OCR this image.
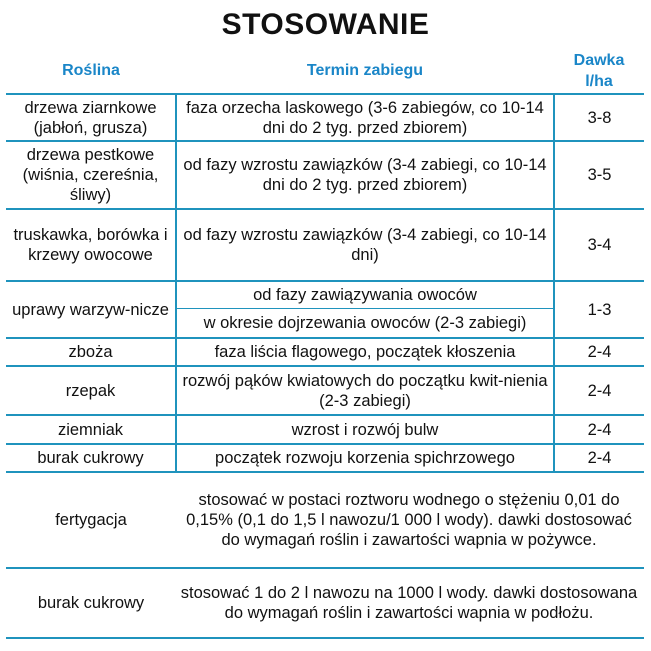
STOSOWANIE
Roślina	Termin zabiegu	Dawka
l/ha

drzewa ziarnkowe (jabłoń, grusza)	faza orzecha laskowego (3-6 zabiegów, co 10-14 dni do 2 tyg. przed zbiorem)	3-8
drzewa pestkowe (wiśnia, czereśnia, śliwy)	od fazy wzrostu zawiązków (3-4 zabiegi, co 10-14 dni do 2 tyg. przed zbiorem)	3-5
truskawka, borówka i krzewy owocowe	od fazy wzrostu zawiązków (3-4 zabiegi, co 10-14 dni)	3-4
uprawy warzyw-nicze	od fazy zawiązywania owoców	1-3
	w okresie dojrzewania owoców (2-3 zabiegi)	
zboża	faza liścia flagowego, początek kłoszenia	2-4
rzepak	rozwój pąków kwiatowych do początku kwit-nienia (2-3 zabiegi)	2-4
ziemniak	wzrost i rozwój bulw	2-4
burak cukrowy	początek rozwoju korzenia spichrzowego	2-4
fertygacja	stosować w postaci roztworu wodnego o stężeniu 0,01 do 0,15% (0,1 do 1,5 l nawozu/1 000 l wody). dawki dostosować do wymagań roślin i zawartości wapnia w pożywce.	
burak cukrowy	stosować 1 do 2 l nawozu na 1000 l wody. dawki dostosowana do wymagań roślin i zawartości wapnia w podłożu.	
